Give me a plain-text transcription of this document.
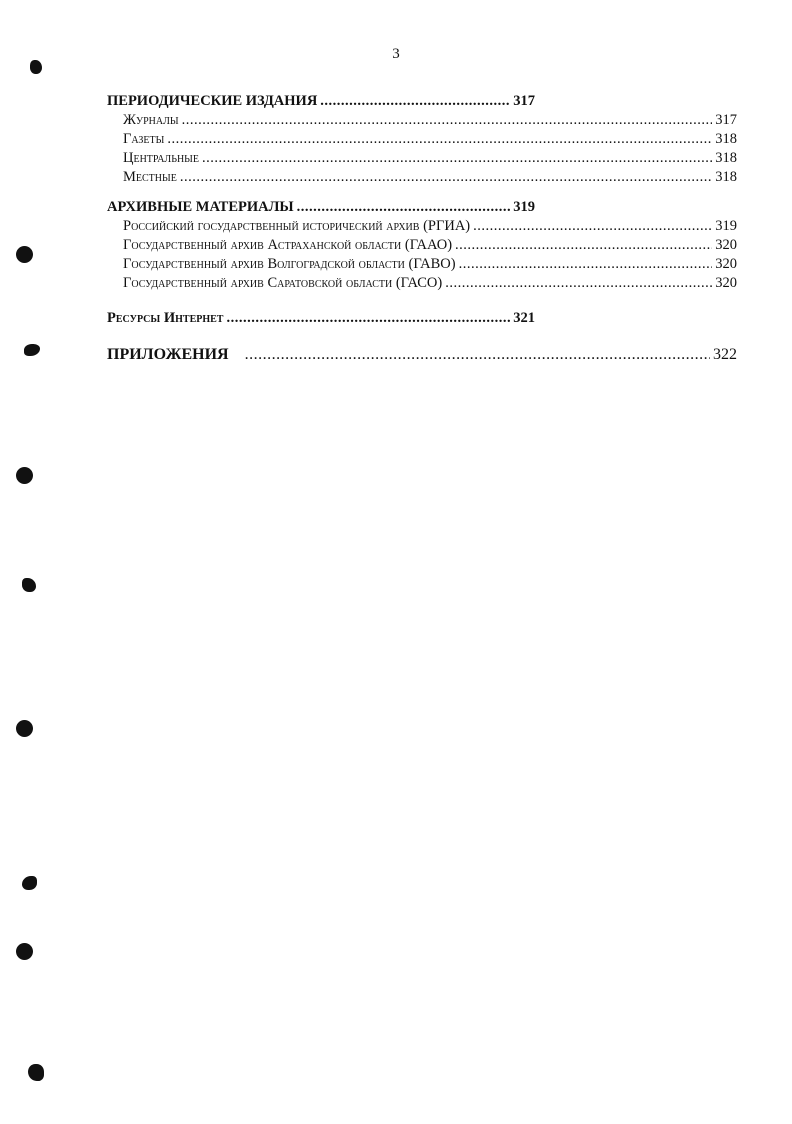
3
ПЕРИОДИЧЕСКИЕ ИЗДАНИЯ .....	317
Журналы .....	317
Газеты .....	318
Центральные .....	318
Местные .....	318
АРХИВНЫЕ МАТЕРИАЛЫ .....	319
Российский государственный исторический архив (РГИА) .....	319
Государственный архив Астраханской области (ГААО) .....	320
Государственный архив Волгоградской области (ГАВО) .....	320
Государственный архив Саратовской области (ГАСО) .....	320
Ресурсы Интернет .....	321
ПРИЛОЖЕНИЯ .....	322
